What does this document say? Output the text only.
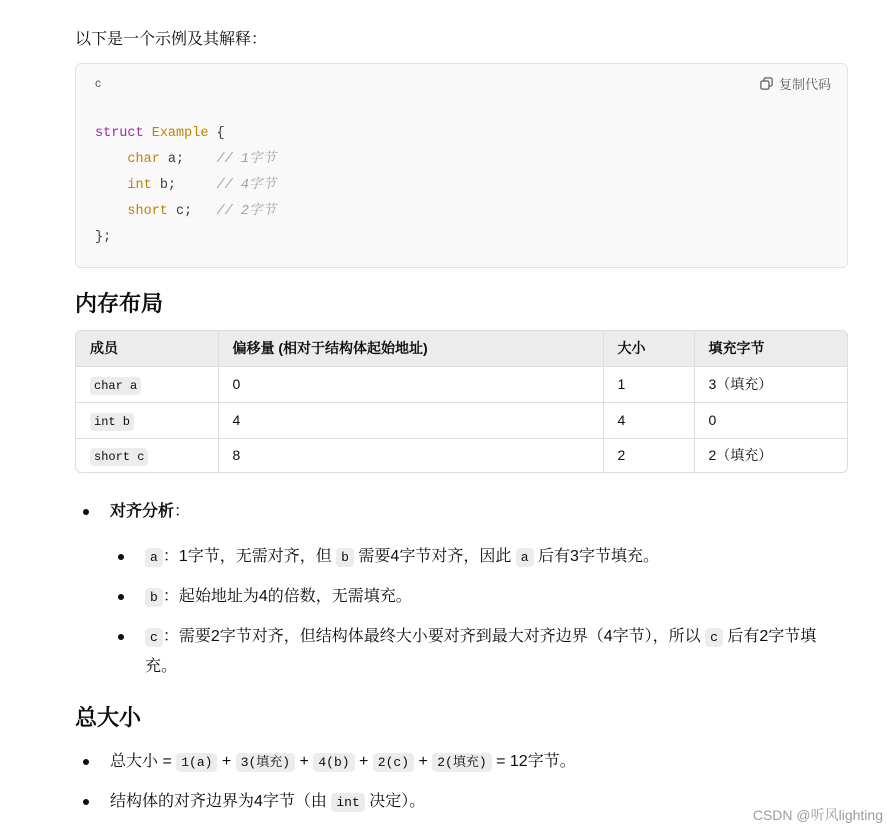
以下是一个示例及其解释：

c	复制代码
struct Example {
char a;    // 1字节
int b;     // 4字节
short c;   // 2字节
};
内存布局
成员	偏移量 (相对于结构体起始地址)	大小	填充字节
char a	0	1	3（填充）
int b	4	4	0
short c	8	2	2（填充）
对齐分析：
a ：1字节，无需对齐，但 b 需要4字节对齐，因此 a 后有3字节填充。
b ：起始地址为4的倍数，无需填充。
c ：需要2字节对齐，但结构体最终大小要对齐到最大对齐边界（4字节），所以 c 后有2字节填充。
总大小
总大小 = 1(a) + 3(填充) + 4(b) + 2(c) + 2(填充) = 12字节。
结构体的对齐边界为4字节（由 int 决定）。
CSDN @听风lighting
